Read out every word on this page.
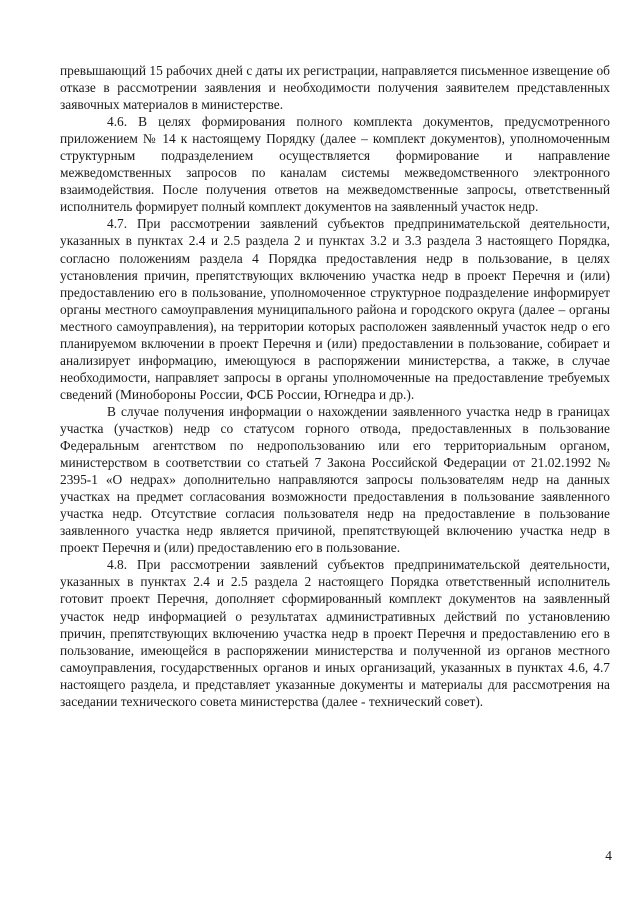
превышающий 15 рабочих дней с даты их регистрации, направляется письменное извещение об отказе в рассмотрении заявления и необходимости получения заявителем представленных заявочных материалов в министерстве.

4.6. В целях формирования полного комплекта документов, предусмотренного приложением № 14 к настоящему Порядку (далее – комплект документов), уполномоченным структурным подразделением осуществляется формирование и направление межведомственных запросов по каналам системы межведомственного электронного взаимодействия. После получения ответов на межведомственные запросы, ответственный исполнитель формирует полный комплект документов на заявленный участок недр.

4.7. При рассмотрении заявлений субъектов предпринимательской деятельности, указанных в пунктах 2.4 и 2.5 раздела 2 и пунктах 3.2 и 3.3 раздела 3 настоящего Порядка, согласно положениям раздела 4 Порядка предоставления недр в пользование, в целях установления причин, препятствующих включению участка недр в проект Перечня и (или) предоставлению его в пользование, уполномоченное структурное подразделение информирует органы местного самоуправления муниципального района и городского округа (далее – органы местного самоуправления), на территории которых расположен заявленный участок недр о его планируемом включении в проект Перечня и (или) предоставлении в пользование, собирает и анализирует информацию, имеющуюся в распоряжении министерства, а также, в случае необходимости, направляет запросы в органы уполномоченные на предоставление требуемых сведений (Минобороны России, ФСБ России, Югнедра и др.).

В случае получения информации о нахождении заявленного участка недр в границах участка (участков) недр со статусом горного отвода, предоставленных в пользование Федеральным агентством по недропользованию или его территориальным органом, министерством в соответствии со статьей 7 Закона Российской Федерации от 21.02.1992 № 2395-1 «О недрах» дополнительно направляются запросы пользователям недр на данных участках на предмет согласования возможности предоставления в пользование заявленного участка недр. Отсутствие согласия пользователя недр на предоставление в пользование заявленного участка недр является причиной, препятствующей включению участка недр в проект Перечня и (или) предоставлению его в пользование.

4.8. При рассмотрении заявлений субъектов предпринимательской деятельности, указанных в пунктах 2.4 и 2.5 раздела 2 настоящего Порядка ответственный исполнитель готовит проект Перечня, дополняет сформированный комплект документов на заявленный участок недр информацией о результатах административных действий по установлению причин, препятствующих включению участка недр в проект Перечня и предоставлению его в пользование, имеющейся в распоряжении министерства и полученной из органов местного самоуправления, государственных органов и иных организаций, указанных в пунктах 4.6, 4.7 настоящего раздела, и представляет указанные документы и материалы для рассмотрения на заседании технического совета министерства (далее - технический совет).

4
